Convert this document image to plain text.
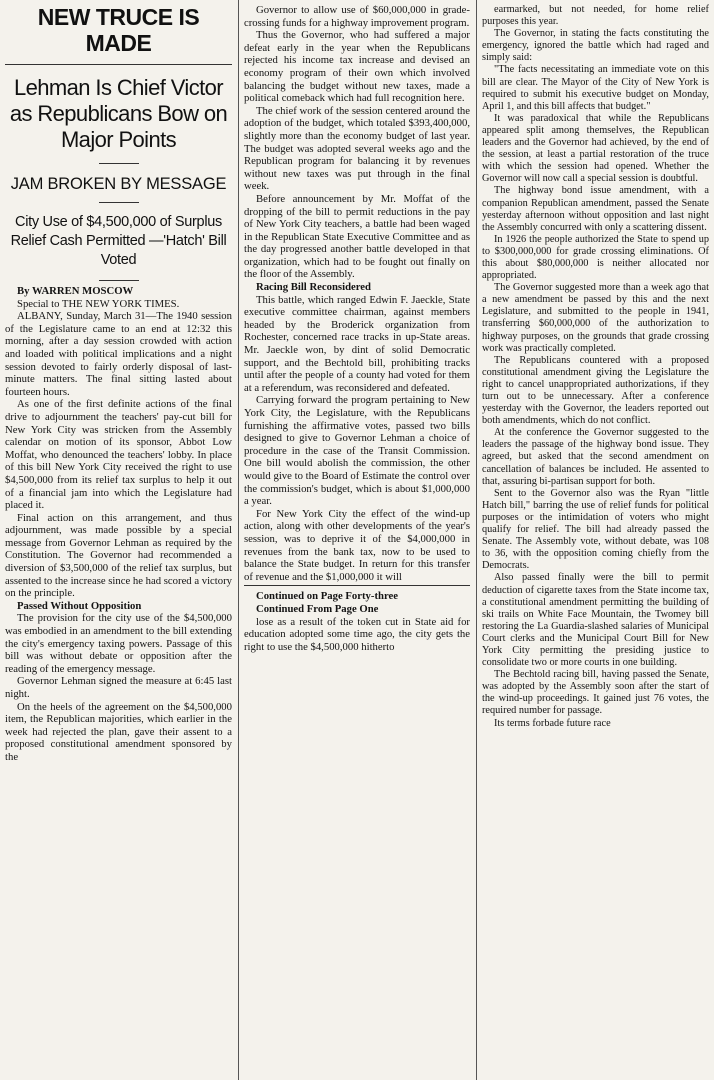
NEW TRUCE IS MADE
Lehman Is Chief Victor as Republicans Bow on Major Points
JAM BROKEN BY MESSAGE
City Use of $4,500,000 of Surplus Relief Cash Permitted —'Hatch' Bill Voted

By WARREN MOSCOW

Special to THE NEW YORK TIMES.

ALBANY, Sunday, March 31—The 1940 session of the Legislature came to an end at 12:32 this morning, after a day session crowded with action and loaded with political implications and a night session devoted to fairly orderly disposal of last-minute matters. The final sitting lasted about fourteen hours.

As one of the first definite actions of the final drive to adjournment the teachers' pay-cut bill for New York City was stricken from the Assembly calendar on motion of its sponsor, Abbot Low Moffat, who denounced the teachers' lobby. In place of this bill New York City received the right to use $4,500,000 from its relief tax surplus to help it out of a financial jam into which the Legislature had placed it.

Final action on this arrangement, and thus adjournment, was made possible by a special message from Governor Lehman as required by the Constitution. The Governor had recommended a diversion of $3,500,000 of the relief tax surplus, but assented to the increase since he had scored a victory on the principle.

Passed Without Opposition

The provision for the city use of the $4,500,000 was embodied in an amendment to the bill extending the city's emergency taxing powers. Passage of this bill was without debate or opposition after the reading of the emergency message.

Governor Lehman signed the measure at 6:45 last night.

On the heels of the agreement on the $4,500,000 item, the Republican majorities, which earlier in the week had rejected the plan, gave their assent to a proposed constitutional amendment sponsored by the

Governor to allow use of $60,000,000 in grade-crossing funds for a highway improvement program.

Thus the Governor, who had suffered a major defeat early in the year when the Republicans rejected his income tax increase and devised an economy program of their own which involved balancing the budget without new taxes, made a political comeback which had full recognition here.

The chief work of the session centered around the adoption of the budget, which totaled $393,400,000, slightly more than the economy budget of last year. The budget was adopted several weeks ago and the Republican program for balancing it by revenues without new taxes was put through in the final week.

Before announcement by Mr. Moffat of the dropping of the bill to permit reductions in the pay of New York City teachers, a battle had been waged in the Republican State Executive Committee and as the day progressed another battle developed in that organization, which had to be fought out finally on the floor of the Assembly.

Racing Bill Reconsidered

This battle, which ranged Edwin F. Jaeckle, State executive committee chairman, against members headed by the Broderick organization from Rochester, concerned race tracks in up-State areas. Mr. Jaeckle won, by dint of solid Democratic support, and the Bechtold bill, prohibiting tracks until after the people of a county had voted for them at a referendum, was reconsidered and defeated.

Carrying forward the program pertaining to New York City, the Legislature, with the Republicans furnishing the affirmative votes, passed two bills designed to give to Governor Lehman a choice of procedure in the case of the Transit Commission. One bill would abolish the commission, the other would give to the Board of Estimate the control over the commission's budget, which is about $1,000,000 a year.

For New York City the effect of the wind-up action, along with other developments of the year's session, was to deprive it of the $4,000,000 in revenues from the bank tax, now to be used to balance the State budget. In return for this transfer of revenue and the $1,000,000 it will

Continued on Page Forty-three

Continued From Page One

lose as a result of the token cut in State aid for education adopted some time ago, the city gets the right to use the $4,500,000 hitherto

earmarked, but not needed, for home relief purposes this year.

The Governor, in stating the facts constituting the emergency, ignored the battle which had raged and simply said:

"The facts necessitating an immediate vote on this bill are clear. The Mayor of the City of New York is required to submit his executive budget on Monday, April 1, and this bill affects that budget."

It was paradoxical that while the Republicans appeared split among themselves, the Republican leaders and the Governor had achieved, by the end of the session, at least a partial restoration of the truce with which the session had opened. Whether the Governor will now call a special session is doubtful.

The highway bond issue amendment, with a companion Republican amendment, passed the Senate yesterday afternoon without opposition and last night the Assembly concurred with only a scattering dissent.

In 1926 the people authorized the State to spend up to $300,000,000 for grade crossing eliminations. Of this about $80,000,000 is neither allocated nor appropriated.

The Governor suggested more than a week ago that a new amendment be passed by this and the next Legislature, and submitted to the people in 1941, transferring $60,000,000 of the authorization to highway purposes, on the grounds that grade crossing work was practically completed.

The Republicans countered with a proposed constitutional amendment giving the Legislature the right to cancel unappropriated authorizations, if they turn out to be unnecessary. After a conference yesterday with the Governor, the leaders reported out both amendments, which do not conflict.

At the conference the Governor suggested to the leaders the passage of the highway bond issue. They agreed, but asked that the second amendment on cancellation of balances be included. He assented to that, assuring bi-partisan support for both.

Sent to the Governor also was the Ryan "little Hatch bill," barring the use of relief funds for political purposes or the intimidation of voters who might qualify for relief. The bill had already passed the Senate. The Assembly vote, without debate, was 108 to 36, with the opposition coming chiefly from the Democrats.

Also passed finally were the bill to permit deduction of cigarette taxes from the State income tax, a constitutional amendment permitting the building of ski trails on White Face Mountain, the Twomey bill restoring the La Guardia-slashed salaries of Municipal Court clerks and the Municipal Court Bill for New York City permitting the presiding justice to consolidate two or more courts in one building.

The Bechtold racing bill, having passed the Senate, was adopted by the Assembly soon after the start of the wind-up proceedings. It gained just 76 votes, the required number for passage.

Its terms forbade future race
